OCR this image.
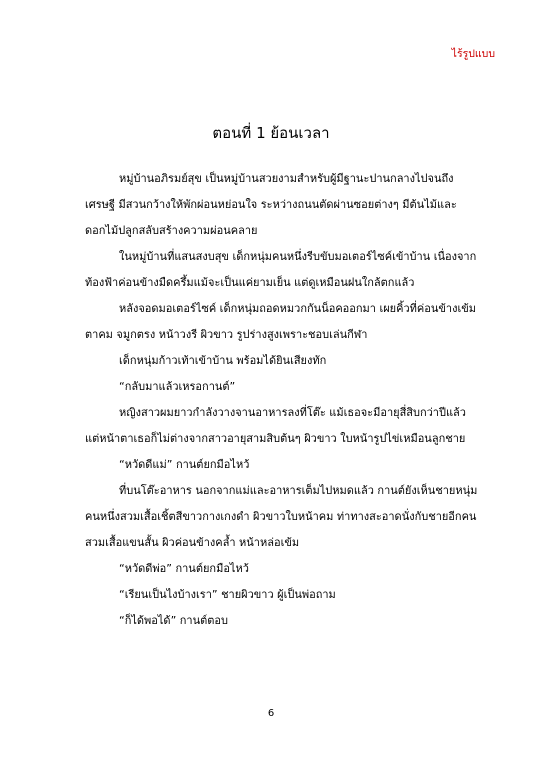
ไร้รูปแบบ
ตอนที่ 1 ย้อนเวลา
หมู่บ้านอภิรมย์สุข เป็นหมู่บ้านสวยงามสำหรับผู้มีฐานะปานกลางไปจนถึง
เศรษฐี มีสวนกว้างให้พักผ่อนหย่อนใจ ระหว่างถนนตัดผ่านซอยต่างๆ มีต้นไม้และ
ดอกไม้ปลูกสลับสร้างความผ่อนคลาย
ในหมู่บ้านที่แสนสงบสุข เด็กหนุ่มคนหนึ่งรีบขับมอเตอร์ไซค์เข้าบ้าน เนื่องจาก
ท้องฟ้าค่อนข้างมืดครึ้มแม้จะเป็นแค่ยามเย็น แต่ดูเหมือนฝนใกล้ตกแล้ว
หลังจอดมอเตอร์ไซค์ เด็กหนุ่มถอดหมวกกันน็อคออกมา เผยคิ้วที่ค่อนข้างเข้ม
ตาคม จมูกตรง หน้าวงรี ผิวขาว รูปร่างสูงเพราะชอบเล่นกีฬา
เด็กหนุ่มก้าวเท้าเข้าบ้าน พร้อมได้ยินเสียงทัก
“กลับมาแล้วเหรอกานต์”
หญิงสาวผมยาวกำลังวางจานอาหารลงที่โต๊ะ แม้เธอจะมีอายุสี่สิบกว่าปีแล้ว
แต่หน้าตาเธอก็ไม่ต่างจากสาวอายุสามสิบต้นๆ ผิวขาว ใบหน้ารูปไข่เหมือนลูกชาย
“หวัดดีแม่” กานต์ยกมือไหว้
ที่บนโต๊ะอาหาร นอกจากแม่และอาหารเต็มไปหมดแล้ว กานต์ยังเห็นชายหนุ่ม
คนหนึ่งสวมเสื้อเชิ้ตสีขาวกางเกงดำ ผิวขาวใบหน้าคม ท่าทางสะอาดนั่งกับชายอีกคน
สวมเสื้อแขนสั้น ผิวค่อนข้างคล้ำ หน้าหล่อเข้ม
“หวัดดีพ่อ” กานต์ยกมือไหว้
“เรียนเป็นไงบ้างเรา” ชายผิวขาว ผู้เป็นพ่อถาม
“ก็ได้พอได้” กานต์ตอบ
6
